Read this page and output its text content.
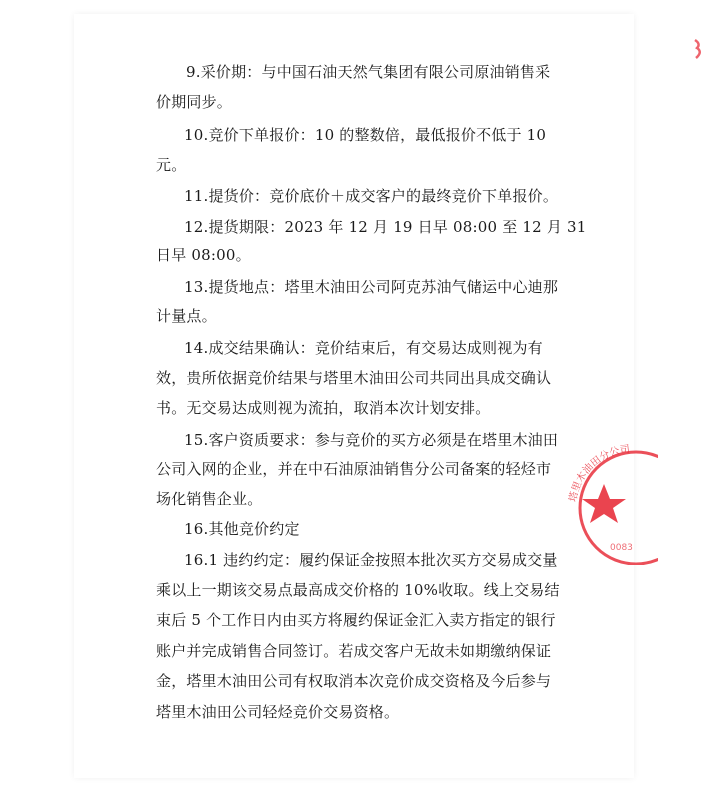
9.采价期：与中国石油天然气集团有限公司原油销售采
价期同步。
10.竞价下单报价：10 的整数倍，最低报价不低于 10
元。
11.提货价：竞价底价＋成交客户的最终竞价下单报价。
12.提货期限：2023 年 12 月 19 日早 08:00 至 12 月 31
日早 08:00。
13.提货地点：塔里木油田公司阿克苏油气储运中心迪那
计量点。
14.成交结果确认：竞价结束后，有交易达成则视为有
效，贵所依据竞价结果与塔里木油田公司共同出具成交确认
书。无交易达成则视为流拍，取消本次计划安排。
15.客户资质要求：参与竞价的买方必须是在塔里木油田
公司入网的企业，并在中石油原油销售分公司备案的轻烃市
场化销售企业。
16.其他竞价约定
16.1 违约约定：履约保证金按照本批次买方交易成交量
乘以上一期该交易点最高成交价格的 10%收取。线上交易结
束后 5 个工作日内由买方将履约保证金汇入卖方指定的银行
账户并完成销售合同签订。若成交客户无故未如期缴纳保证
金，塔里木油田公司有权取消本次竞价成交资格及今后参与
塔里木油田公司轻烃竞价交易资格。
塔里木油田分公司
0083
